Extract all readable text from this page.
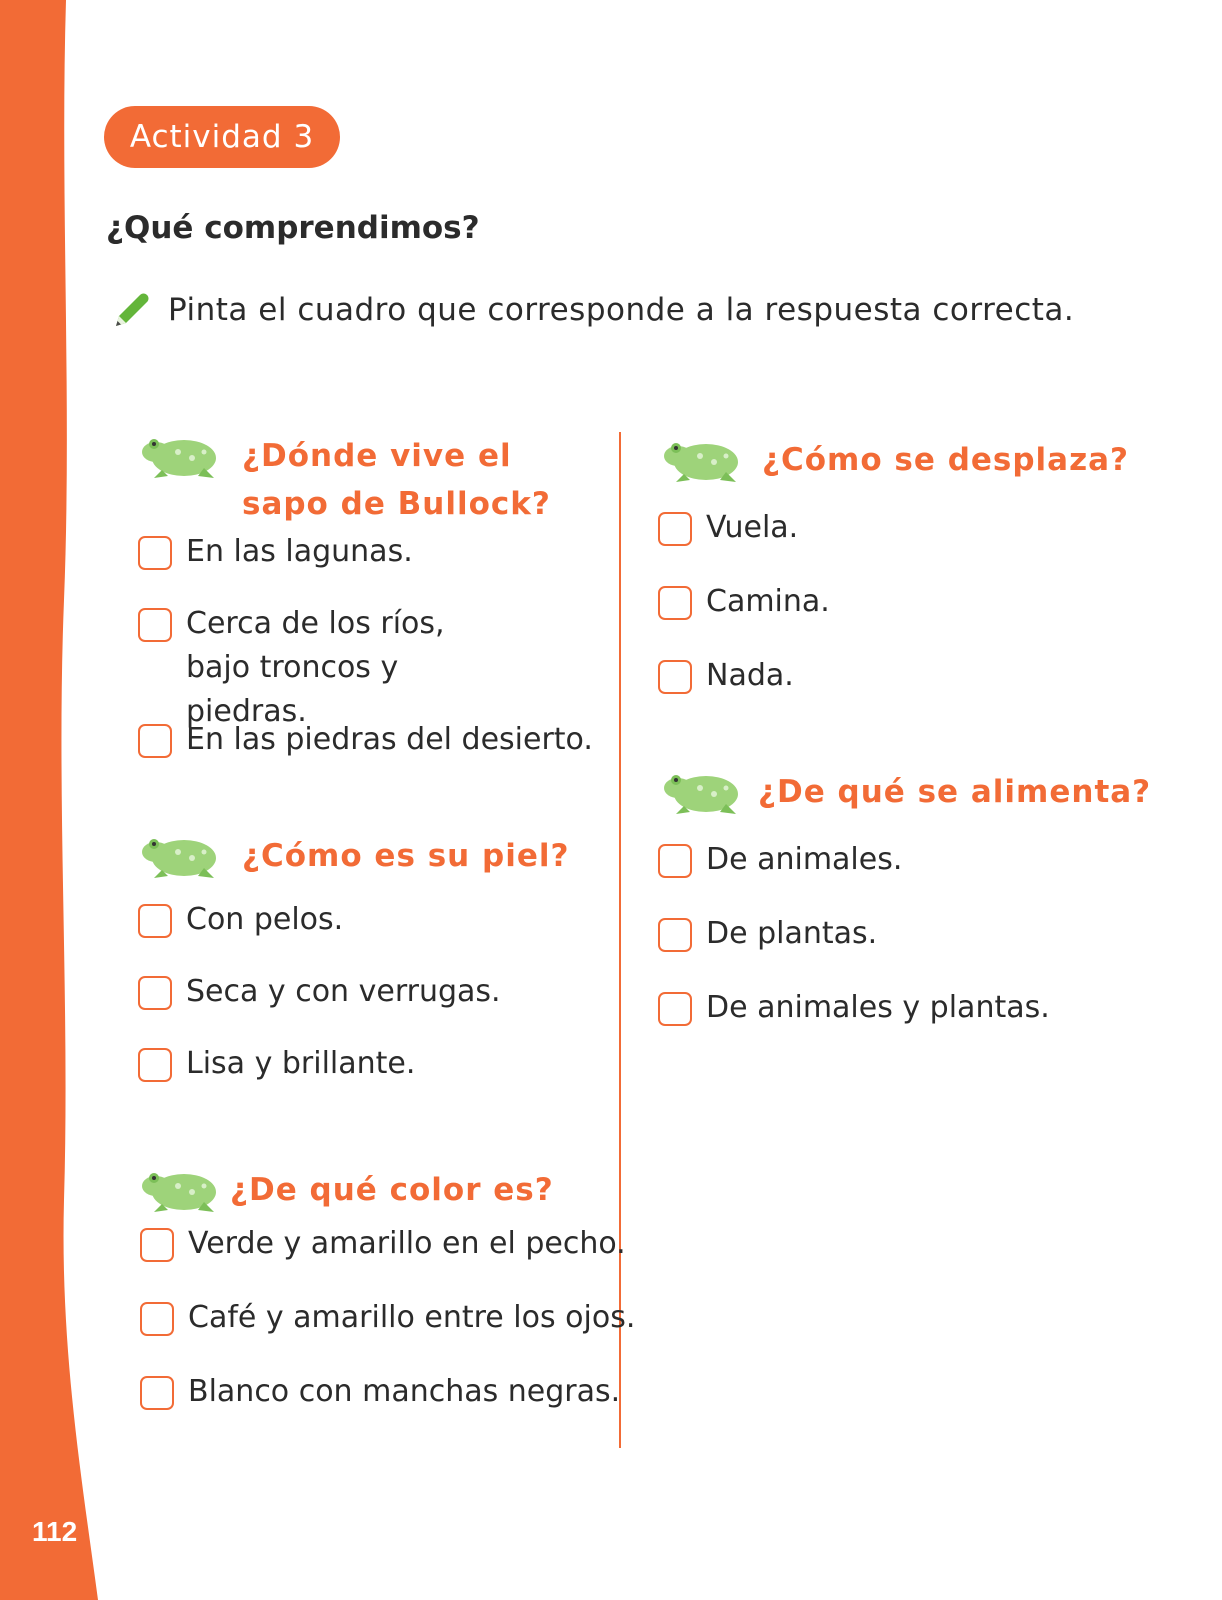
112
Actividad 3
¿Qué comprendimos?
Pinta el cuadro que corresponde a la respuesta correcta.
¿Dónde vive el
sapo de Bullock?
En las lagunas.
Cerca de los ríos, bajo troncos y piedras.
En las piedras del desierto.
¿Cómo es su piel?
Con pelos.
Seca y con verrugas.
Lisa y brillante.
¿De qué color es?
Verde y amarillo en el pecho.
Café y amarillo entre los ojos.
Blanco con manchas negras.
¿Cómo se desplaza?
Vuela.
Camina.
Nada.
¿De qué se alimenta?
De animales.
De plantas.
De animales y plantas.
